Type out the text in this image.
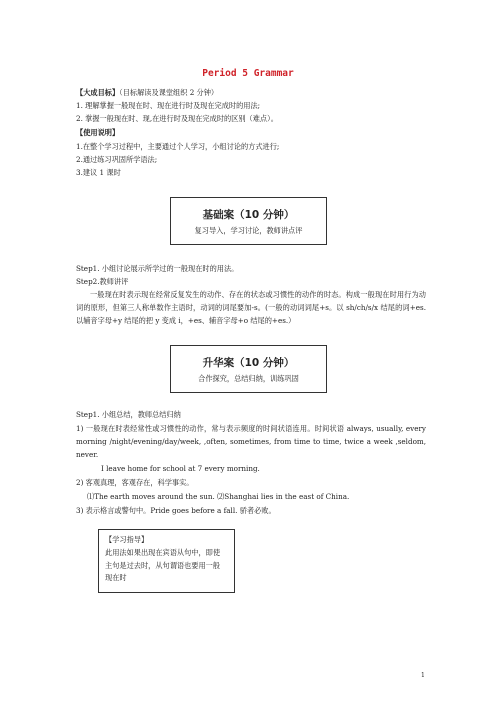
Period 5 Grammar
【大成目标】（目标解读及课堂组织 2 分钟）
1. 理解掌握一般现在时、现在进行时及现在完成时的用法;
2. 掌握一般现在时、现,在进行时及现在完成时的区别（难点）。
【使用说明】
1.在整个学习过程中，主要通过个人学习，小组讨论的方式进行;
2.通过练习巩固所学语法;
3.建议 1 课时
基础案（10 分钟）
复习导入，学习讨论，教师讲点评
Step1. 小组讨论展示所学过的一般现在时的用法。
Step2.教师讲评
一般现在时表示现在经常反复发生的动作、存在的状态或习惯性的动作的时态。构成一般现在时用行为动词的原形，但第三人称单数作主语时，动词的词尾要加-s。(一般的动词词尾+s。以 sh/ch/s/x 结尾的词+es.以辅音字母+y 结尾的把 y 变成 i，+es、辅音字母+o 结尾的+es.）
升华案（10 分钟）
合作探究，总结归纳，训练巩固
Step1. 小组总结，教师总结归纳
1) 一般现在时表经常性或习惯性的动作，常与表示频度的时间状语连用。时间状语 always, usually, every morning /night/evening/day/week, ,often, sometimes, from time to time, twice a week ,seldom, never.
I leave home for school at 7 every morning.
2) 客观真理，客观存在，科学事实。
⑴The earth moves around the sun. ⑵Shanghai lies in the east of China.
3) 表示格言或警句中。Pride goes before a fall. 骄者必败。
【学习指导】
此用法如果出现在宾语从句中，即使主句是过去时，从句谓语也要用一般现在时
1
